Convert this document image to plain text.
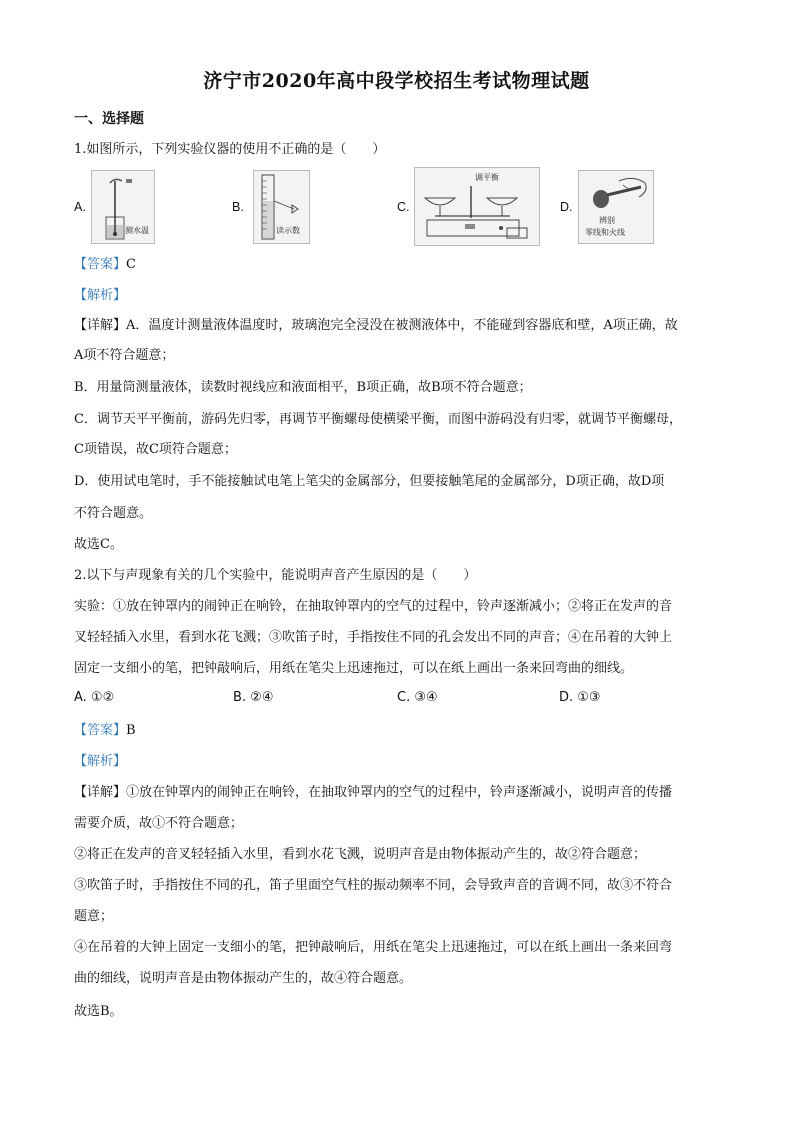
济宁市2020年高中段学校招生考试物理试题
一、选择题
1.如图所示，下列实验仪器的使用不正确的是（　　）
A.
测水温
B.
读示数
C.
调平衡
D.
辨别
零线和火线
【答案】C
【解析】
【详解】A．温度计测量液体温度时，玻璃泡完全浸没在被测液体中，不能碰到容器底和壁，A项正确，故
A项不符合题意；
B．用量筒测量液体，读数时视线应和液面相平，B项正确，故B项不符合题意；
C．调节天平平衡前，游码先归零，再调节平衡螺母使横梁平衡，而图中游码没有归零，就调节平衡螺母，
C项错误，故C项符合题意；
D．使用试电笔时，手不能接触试电笔上笔尖的金属部分，但要接触笔尾的金属部分，D项正确，故D项
不符合题意。
故选C。
2.以下与声现象有关的几个实验中，能说明声音产生原因的是（　　）
实验：①放在钟罩内的闹钟正在响铃，在抽取钟罩内的空气的过程中，铃声逐渐减小；②将正在发声的音
叉轻轻插入水里，看到水花飞溅；③吹笛子时，手指按住不同的孔会发出不同的声音；④在吊着的大钟上
固定一支细小的笔，把钟敲响后，用纸在笔尖上迅速拖过，可以在纸上画出一条来回弯曲的细线。
A. ①②	B. ②④	C. ③④	D. ①③
【答案】B
【解析】
【详解】①放在钟罩内的闹钟正在响铃，在抽取钟罩内的空气的过程中，铃声逐渐减小，说明声音的传播
需要介质，故①不符合题意；
②将正在发声的音叉轻轻插入水里，看到水花飞溅，说明声音是由物体振动产生的，故②符合题意；
③吹笛子时，手指按住不同的孔，笛子里面空气柱的振动频率不同，会导致声音的音调不同，故③不符合
题意；
④在吊着的大钟上固定一支细小的笔，把钟敲响后，用纸在笔尖上迅速拖过，可以在纸上画出一条来回弯
曲的细线，说明声音是由物体振动产生的，故④符合题意。
故选B。
